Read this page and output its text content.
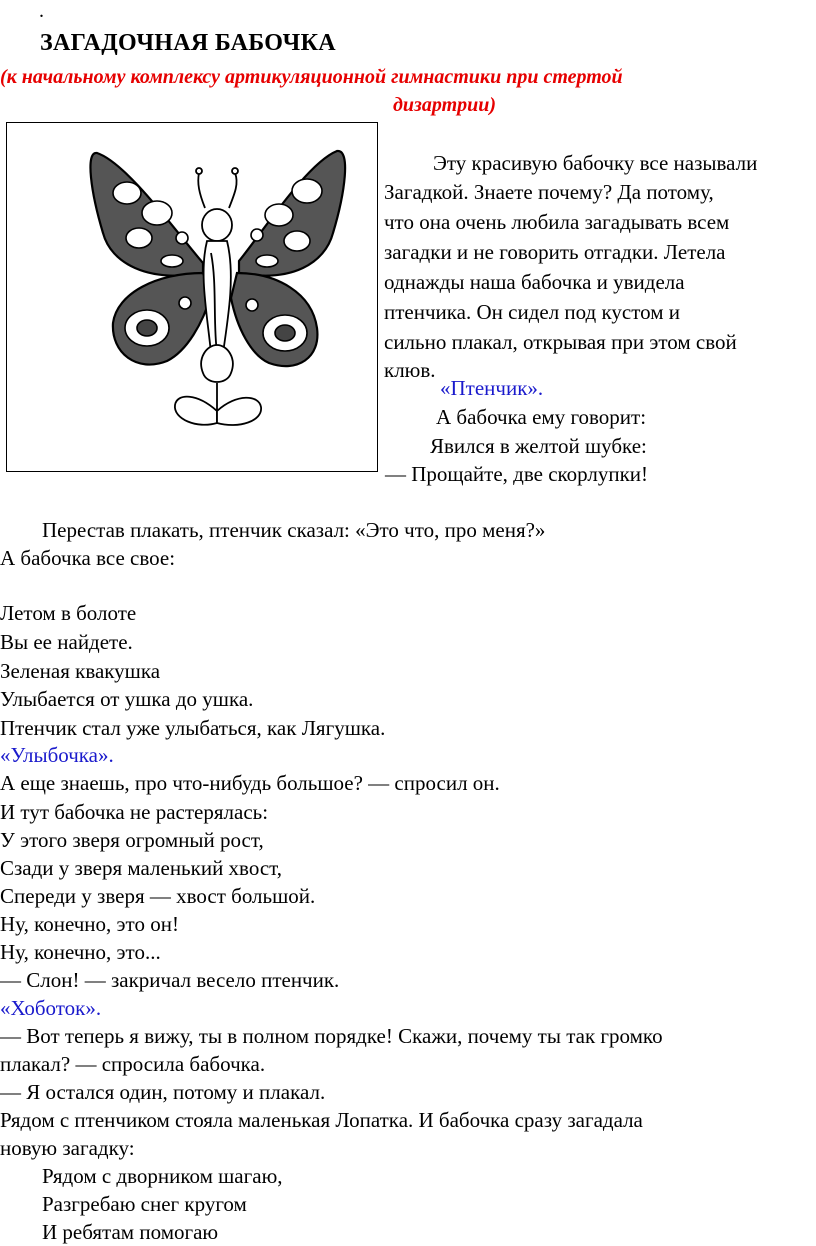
.
ЗАГАДОЧНАЯ БАБОЧКА
(к начальному комплексу артикуляционной гимнастики при стертой
дизартрии)
Эту красивую бабочку все называли
Загадкой. Знаете почему? Да потому,
что она очень любила загадывать всем
загадки и не говорить отгадки. Летела
однажды наша бабочка и увидела
птенчика. Он сидел под кустом и
сильно плакал, открывая при этом свой
клюв.
«Птенчик».
А бабочка ему говорит:
Явился в желтой шубке:
— Прощайте, две скорлупки!
Перестав плакать, птенчик сказал: «Это что, про меня?»
А бабочка все свое:
Летом в болоте
Вы ее найдете.
Зеленая квакушка
Улыбается от ушка до ушка.
Птенчик стал уже улыбаться, как Лягушка.
«Улыбочка».
А еще знаешь, про что-нибудь большое? — спросил он.
И тут бабочка не растерялась:
У этого зверя огромный рост,
Сзади у зверя маленький хвост,
Спереди у зверя — хвост большой.
Ну, конечно, это он!
Ну, конечно, это...
— Слон! — закричал весело птенчик.
«Хоботок».
— Вот теперь я вижу, ты в полном порядке! Скажи, почему ты так громко
плакал? — спросила бабочка.
— Я остался один, потому и плакал.
Рядом с птенчиком стояла маленькая Лопатка. И бабочка сразу загадала
новую загадку:
Рядом с дворником шагаю,
Разгребаю снег кругом
И ребятам помогаю
